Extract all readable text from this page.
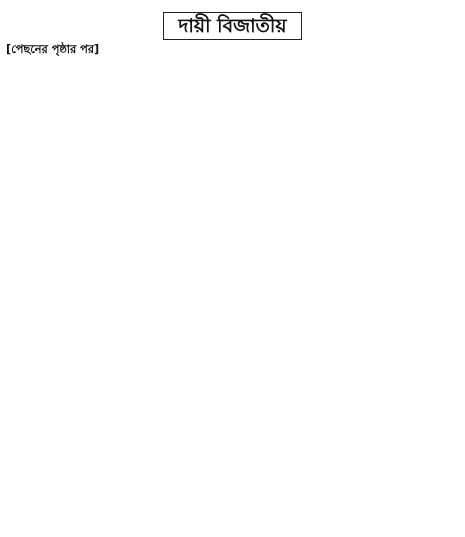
দায়ী বিজাতীয়
[পেছনের পৃষ্ঠার পর]
